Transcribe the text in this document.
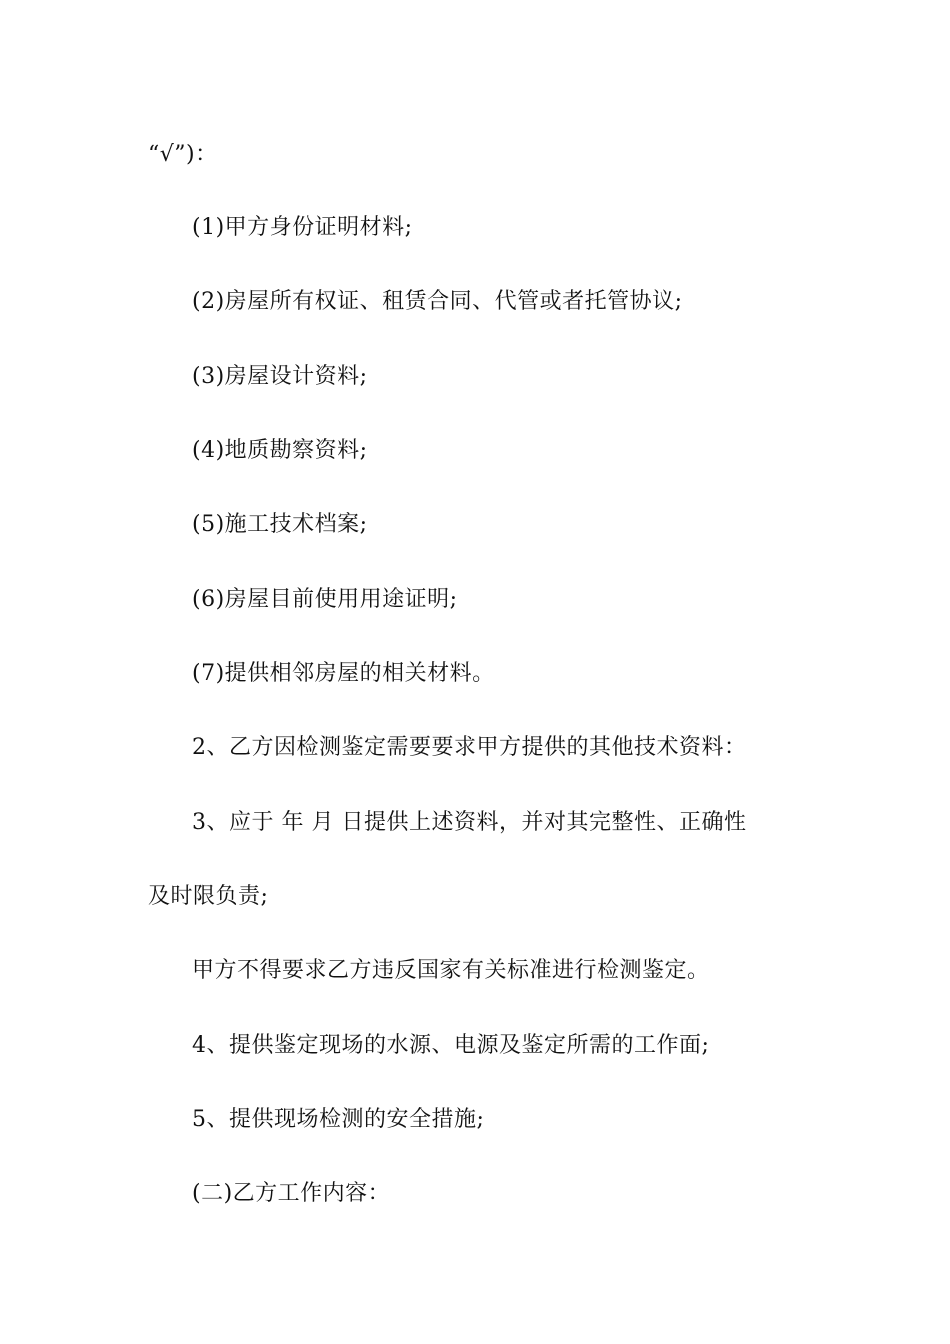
“√”)：
(1)甲方身份证明材料;
(2)房屋所有权证、租赁合同、代管或者托管协议;
(3)房屋设计资料;
(4)地质勘察资料;
(5)施工技术档案;
(6)房屋目前使用用途证明;
(7)提供相邻房屋的相关材料。
2、乙方因检测鉴定需要要求甲方提供的其他技术资料：
3、应于 年 月 日提供上述资料，并对其完整性、正确性
及时限负责;
甲方不得要求乙方违反国家有关标准进行检测鉴定。
4、提供鉴定现场的水源、电源及鉴定所需的工作面;
5、提供现场检测的安全措施;
(二)乙方工作内容：
